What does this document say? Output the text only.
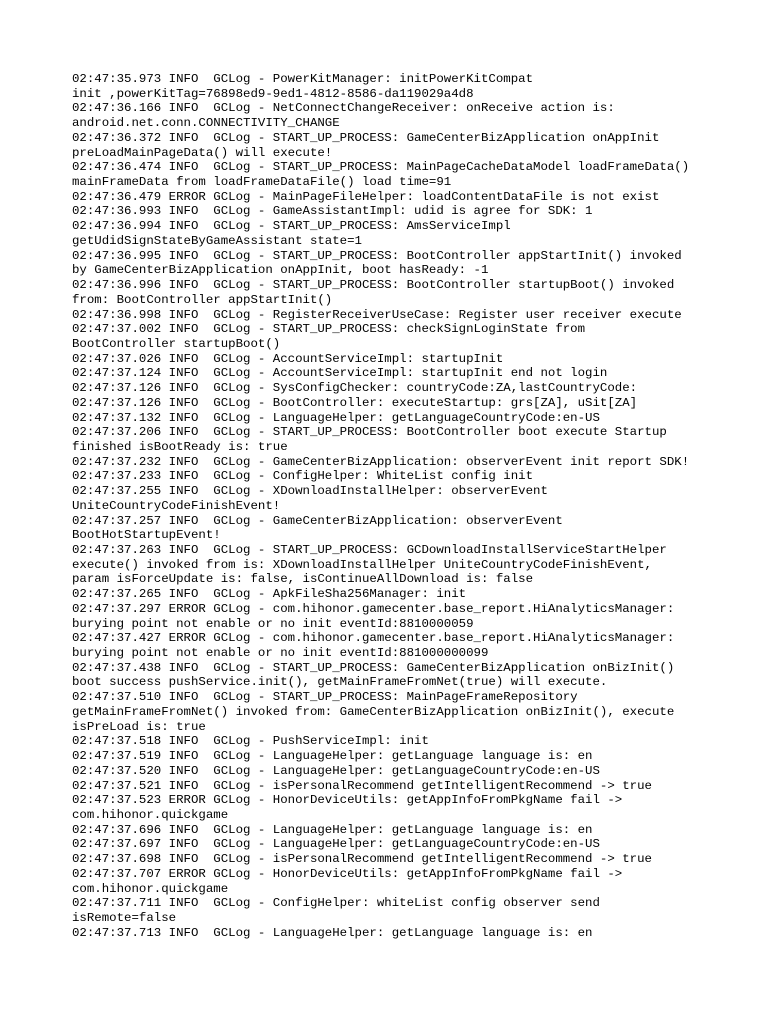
02:47:35.973 INFO  GCLog - PowerKitManager: initPowerKitCompat
init ,powerKitTag=76898ed9-9ed1-4812-8586-da119029a4d8
02:47:36.166 INFO  GCLog - NetConnectChangeReceiver: onReceive action is:
android.net.conn.CONNECTIVITY_CHANGE
02:47:36.372 INFO  GCLog - START_UP_PROCESS: GameCenterBizApplication onAppInit
preLoadMainPageData() will execute!
02:47:36.474 INFO  GCLog - START_UP_PROCESS: MainPageCacheDataModel loadFrameData()
mainFrameData from loadFrameDataFile() load time=91
02:47:36.479 ERROR GCLog - MainPageFileHelper: loadContentDataFile is not exist
02:47:36.993 INFO  GCLog - GameAssistantImpl: udid is agree for SDK: 1
02:47:36.994 INFO  GCLog - START_UP_PROCESS: AmsServiceImpl
getUdidSignStateByGameAssistant state=1
02:47:36.995 INFO  GCLog - START_UP_PROCESS: BootController appStartInit() invoked
by GameCenterBizApplication onAppInit, boot hasReady: -1
02:47:36.996 INFO  GCLog - START_UP_PROCESS: BootController startupBoot() invoked
from: BootController appStartInit()
02:47:36.998 INFO  GCLog - RegisterReceiverUseCase: Register user receiver execute
02:47:37.002 INFO  GCLog - START_UP_PROCESS: checkSignLoginState from
BootController startupBoot()
02:47:37.026 INFO  GCLog - AccountServiceImpl: startupInit
02:47:37.124 INFO  GCLog - AccountServiceImpl: startupInit end not login
02:47:37.126 INFO  GCLog - SysConfigChecker: countryCode:ZA,lastCountryCode:
02:47:37.126 INFO  GCLog - BootController: executeStartup: grs[ZA], uSit[ZA]
02:47:37.132 INFO  GCLog - LanguageHelper: getLanguageCountryCode:en-US
02:47:37.206 INFO  GCLog - START_UP_PROCESS: BootController boot execute Startup
finished isBootReady is: true
02:47:37.232 INFO  GCLog - GameCenterBizApplication: observerEvent init report SDK!
02:47:37.233 INFO  GCLog - ConfigHelper: WhiteList config init
02:47:37.255 INFO  GCLog - XDownloadInstallHelper: observerEvent
UniteCountryCodeFinishEvent!
02:47:37.257 INFO  GCLog - GameCenterBizApplication: observerEvent
BootHotStartupEvent!
02:47:37.263 INFO  GCLog - START_UP_PROCESS: GCDownloadInstallServiceStartHelper
execute() invoked from is: XDownloadInstallHelper UniteCountryCodeFinishEvent,
param isForceUpdate is: false, isContinueAllDownload is: false
02:47:37.265 INFO  GCLog - ApkFileSha256Manager: init
02:47:37.297 ERROR GCLog - com.hihonor.gamecenter.base_report.HiAnalyticsManager:
burying point not enable or no init eventId:8810000059
02:47:37.427 ERROR GCLog - com.hihonor.gamecenter.base_report.HiAnalyticsManager:
burying point not enable or no init eventId:881000000099
02:47:37.438 INFO  GCLog - START_UP_PROCESS: GameCenterBizApplication onBizInit()
boot success pushService.init(), getMainFrameFromNet(true) will execute.
02:47:37.510 INFO  GCLog - START_UP_PROCESS: MainPageFrameRepository
getMainFrameFromNet() invoked from: GameCenterBizApplication onBizInit(), execute
isPreLoad is: true
02:47:37.518 INFO  GCLog - PushServiceImpl: init
02:47:37.519 INFO  GCLog - LanguageHelper: getLanguage language is: en
02:47:37.520 INFO  GCLog - LanguageHelper: getLanguageCountryCode:en-US
02:47:37.521 INFO  GCLog - isPersonalRecommend getIntelligentRecommend -> true
02:47:37.523 ERROR GCLog - HonorDeviceUtils: getAppInfoFromPkgName fail ->
com.hihonor.quickgame
02:47:37.696 INFO  GCLog - LanguageHelper: getLanguage language is: en
02:47:37.697 INFO  GCLog - LanguageHelper: getLanguageCountryCode:en-US
02:47:37.698 INFO  GCLog - isPersonalRecommend getIntelligentRecommend -> true
02:47:37.707 ERROR GCLog - HonorDeviceUtils: getAppInfoFromPkgName fail ->
com.hihonor.quickgame
02:47:37.711 INFO  GCLog - ConfigHelper: whiteList config observer send
isRemote=false
02:47:37.713 INFO  GCLog - LanguageHelper: getLanguage language is: en
